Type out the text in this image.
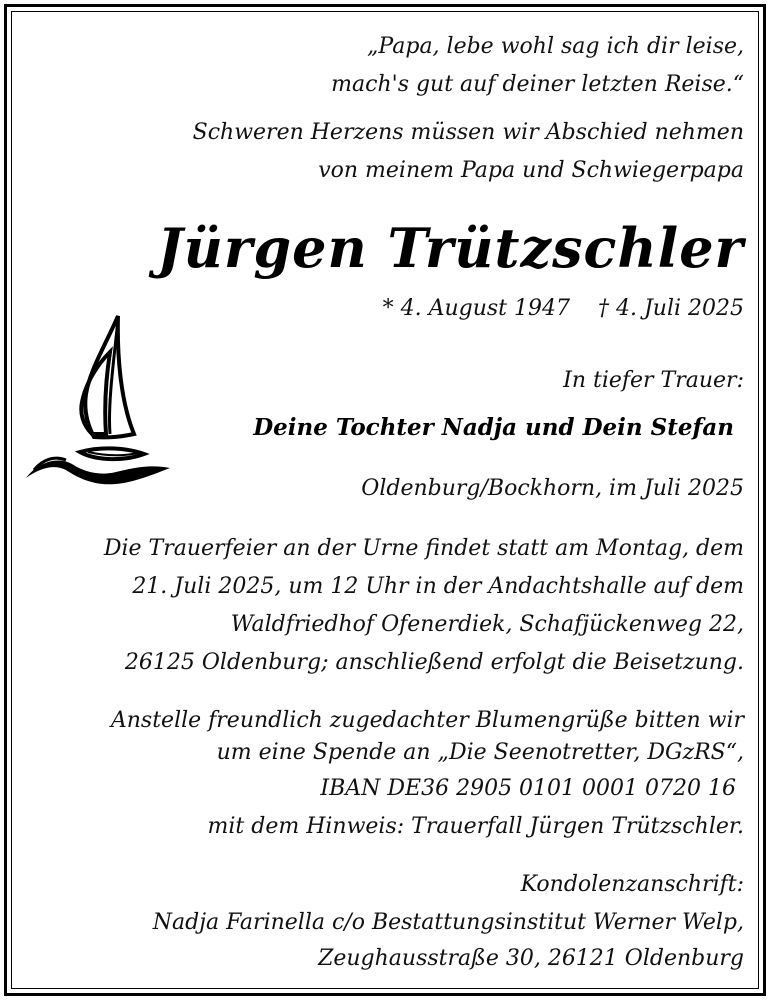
„Papa, lebe wohl sag ich dir leise,

mach's gut auf deiner letzten Reise.“

Schweren Herzens müssen wir Abschied nehmen

von meinem Papa und Schwiegerpapa

Jürgen Trützschler

* 4. August 1947    † 4. Juli 2025

In tiefer Trauer:

Deine Tochter Nadja und Dein Stefan

Oldenburg/Bockhorn, im Juli 2025

Die Trauerfeier an der Urne findet statt am Montag, dem

21. Juli 2025, um 12 Uhr in der Andachtshalle auf dem

Waldfriedhof Ofenerdiek, Schafjückenweg 22,

26125 Oldenburg; anschließend erfolgt die Beisetzung.

Anstelle freundlich zugedachter Blumengrüße bitten wir

um eine Spende an „Die Seenotretter, DGzRS“,

IBAN DE36 2905 0101 0001 0720 16

mit dem Hinweis: Trauerfall Jürgen Trützschler.

Kondolenzanschrift:

Nadja Farinella c/o Bestattungsinstitut Werner Welp,

Zeughausstraße 30, 26121 Oldenburg
